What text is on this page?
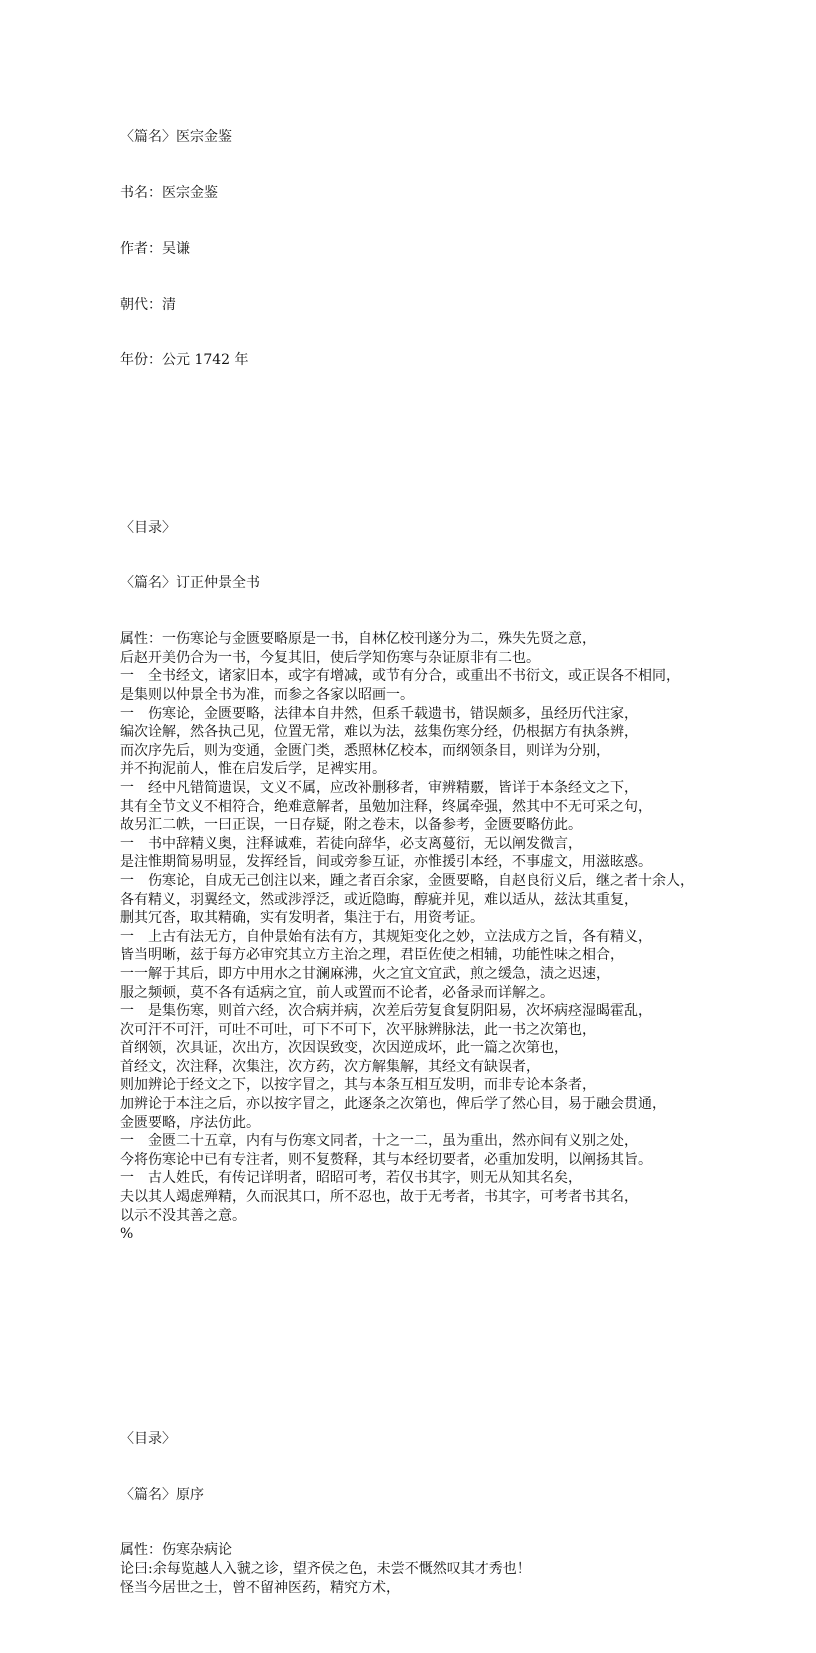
〈篇名〉医宗金鉴

书名：医宗金鉴

作者：吴谦

朝代：清

年份：公元 1742 年

〈目录〉

〈篇名〉订正仲景全书

属性：一伤寒论与金匮要略原是一书，自林亿校刊遂分为二，殊失先贤之意，
后赵开美仍合为一书，今复其旧，使后学知伤寒与杂证原非有二也。
一　全书经文，诸家旧本，或字有增减，或节有分合，或重出不书衍文，或正误各不相同，
是集则以仲景全书为准，而参之各家以昭画一。
一　伤寒论，金匮要略，法律本自井然，但系千载遗书，错误颇多，虽经历代注家，
编次诠解，然各执己见，位置无常，难以为法，兹集伤寒分经，仍根据方有执条辨，
而次序先后，则为变通，金匮门类，悉照林亿校本，而纲领条目，则详为分别，
并不拘泥前人，惟在启发后学，足裨实用。
一　经中凡错简遗误，文义不属，应改补删移者，审辨精覈，皆详于本条经文之下，
其有全节文义不相符合，绝难意解者，虽勉加注释，终属牵强，然其中不无可采之句，
故另汇二帙，一曰正误，一日存疑，附之卷末，以备参考，金匮要略仿此。
一　书中辞精义奥，注释诚难，若徒向辞华，必支离蔓衍，无以阐发微言，
是注惟期简易明显，发挥经旨，间或旁参互证，亦惟援引本经，不事虚文，用滋眩惑。
一　伤寒论，自成无己创注以来，踵之者百余家，金匮要略，自赵良衍义后，继之者十余人，
各有精义，羽翼经文，然或涉浮泛，或近隐晦，醇疵并见，难以适从，兹汰其重复，
删其冗沓，取其精确，实有发明者，集注于右，用资考证。
一　上古有法无方，自仲景始有法有方，其规矩变化之妙，立法成方之旨，各有精义，
皆当明晰，兹于每方必审究其立方主治之理，君臣佐使之相辅，功能性味之相合，
一一解于其后，即方中用水之甘澜麻沸，火之宜文宜武，煎之缓急，渍之迟速，
服之频顿，莫不各有适病之宜，前人或置而不论者，必备录而详解之。
一　是集伤寒，则首六经，次合病并病，次差后劳复食复阴阳易，次坏病痉湿暍霍乱，
次可汗不可汗，可吐不可吐，可下不可下，次平脉辨脉法，此一书之次第也，
首纲领，次具证，次出方，次因误致变，次因逆成坏，此一篇之次第也，
首经文，次注释，次集注，次方药，次方解集解，其经文有缺误者，
则加辨论于经文之下，以按字冒之，其与本条互相互发明，而非专论本条者，
加辨论于本注之后，亦以按字冒之，此逐条之次第也，俾后学了然心目，易于融会贯通，
金匮要略，序法仿此。
一　金匮二十五章，内有与伤寒文同者，十之一二，虽为重出，然亦间有义别之处，
今将伤寒论中已有专注者，则不复赘释，其与本经切要者，必重加发明，以阐扬其旨。
一　古人姓氏，有传记详明者，昭昭可考，若仅书其字，则无从知其名矣，
夫以其人竭虑殚精，久而泯其口，所不忍也，故于无考者，书其字，可考者书其名，
以示不没其善之意。
%

〈目录〉

〈篇名〉原序

属性：伤寒杂病论
论曰:余每览越人入虢之诊，望齐侯之色，未尝不慨然叹其才秀也！
怪当今居世之士，曾不留神医药，精究方术，
